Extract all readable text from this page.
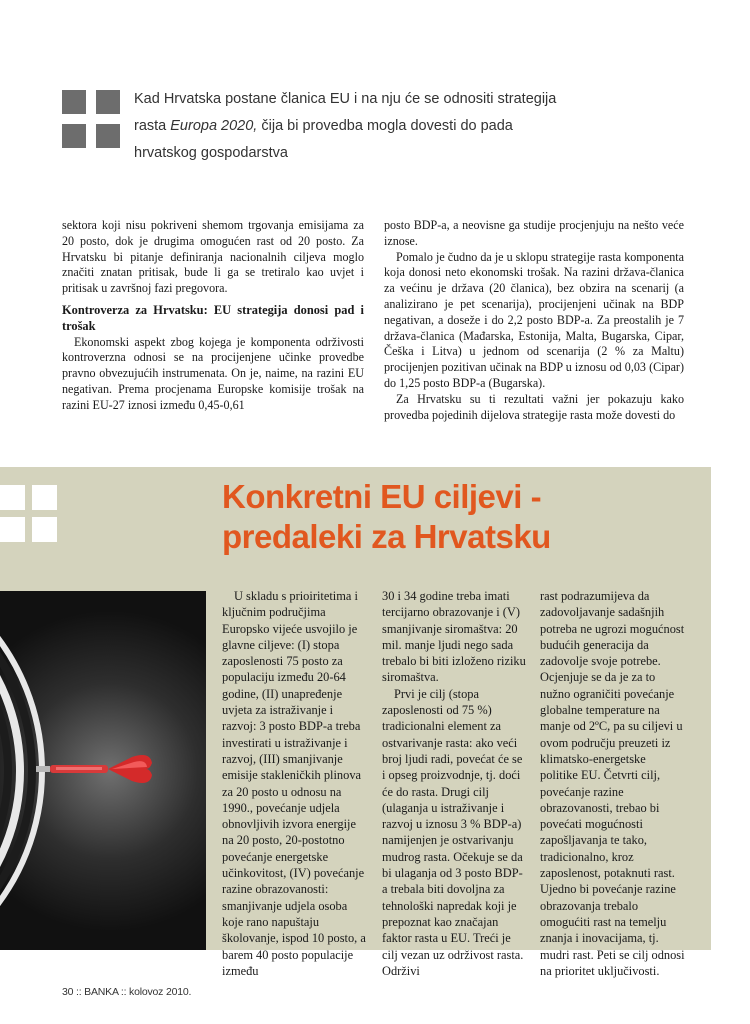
Kad Hrvatska postane članica EU i na nju će se odnositi strategija
rasta Europa 2020, čija bi provedba mogla dovesti do pada
hrvatskog gospodarstva

sektora koji nisu pokriveni shemom trgovanja emisijama za 20 posto, dok je drugima omogućen rast od 20 posto. Za Hrvatsku bi pitanje definiranja nacionalnih ciljeva moglo značiti znatan pritisak, bude li ga se tretiralo kao uvjet i pritisak u završnoj fazi pregovora.

Kontroverza za Hrvatsku: EU strategija donosi pad i trošak

Ekonomski aspekt zbog kojega je komponenta održivosti kontroverzna odnosi se na procijenjene učinke provedbe pravno obvezujućih instrumenata. On je, naime, na razini EU negativan. Prema procjenama Europske komisije trošak na razini EU-27 iznosi između 0,45-0,61

posto BDP-a, a neovisne ga studije procjenjuju na nešto veće iznose.

Pomalo je čudno da je u sklopu strategije rasta komponenta koja donosi neto ekonomski trošak. Na razini država-članica za većinu je država (20 članica), bez obzira na scenarij (a analizirano je pet scenarija), procijenjeni učinak na BDP negativan, a doseže i do 2,2 posto BDP-a. Za preostalih je 7 država-članica (Mađarska, Estonija, Malta, Bugarska, Cipar, Češka i Litva) u jednom od scenarija (2 % za Maltu) procijenjen pozitivan učinak na BDP u iznosu od 0,03 (Cipar) do 1,25 posto BDP-a (Bugarska).

Za Hrvatsku su ti rezultati važni jer pokazuju kako provedba pojedinih dijelova strategije rasta može dovesti do

Konkretni EU ciljevi -
predaleki za Hrvatsku

U skladu s prioiritetima i ključnim područjima Europsko vijeće usvojilo je glavne ciljeve: (I) stopa zaposlenosti 75 posto za populaciju između 20-64 godine, (II) unapređenje uvjeta za istraživanje i razvoj: 3 posto BDP-a treba investirati u istraživanje i razvoj, (III) smanjivanje emisije stakleničkih plinova za 20 posto u odnosu na 1990., povećanje udjela obnovljivih izvora energije na 20 posto, 20-postotno povećanje energetske učinkovitost, (IV) povećanje razine obrazovanosti: smanjivanje udjela osoba koje rano napuštaju školovanje, ispod 10 posto, a barem 40 posto populacije između

30 i 34 godine treba imati tercijarno obrazovanje i (V) smanjivanje siromaštva: 20 mil. manje ljudi nego sada trebalo bi biti izloženo riziku siromaštva.

Prvi je cilj (stopa zaposlenosti od 75 %) tradicionalni element za ostvarivanje rasta: ako veći broj ljudi radi, povećat će se i opseg proizvodnje, tj. doći će do rasta. Drugi cilj (ulaganja u istraživanje i razvoj u iznosu 3 % BDP-a) namijenjen je ostvarivanju mudrog rasta. Očekuje se da bi ulaganja od 3 posto BDP-a trebala biti dovoljna za tehnološki napredak koji je prepoznat kao značajan faktor rasta u EU. Treći je cilj vezan uz održivost rasta. Održivi

rast podrazumijeva da zadovoljavanje sadašnjih potreba ne ugrozi mogućnost budućih generacija da zadovolje svoje potrebe. Ocjenjuje se da je za to nužno ograničiti povećanje globalne temperature na manje od 2ºC, pa su ciljevi u ovom području preuzeti iz klimatsko-energetske politike EU. Četvrti cilj, povećanje razine obrazovanosti, trebao bi povećati mogućnosti zapošljavanja te tako, tradicionalno, kroz zaposlenost, potaknuti rast. Ujedno bi povećanje razine obrazovanja trebalo omogućiti rast na temelju znanja i inovacijama, tj. mudri rast. Peti se cilj odnosi na prioritet uključivosti.

30 :: BANKA :: kolovoz 2010.
